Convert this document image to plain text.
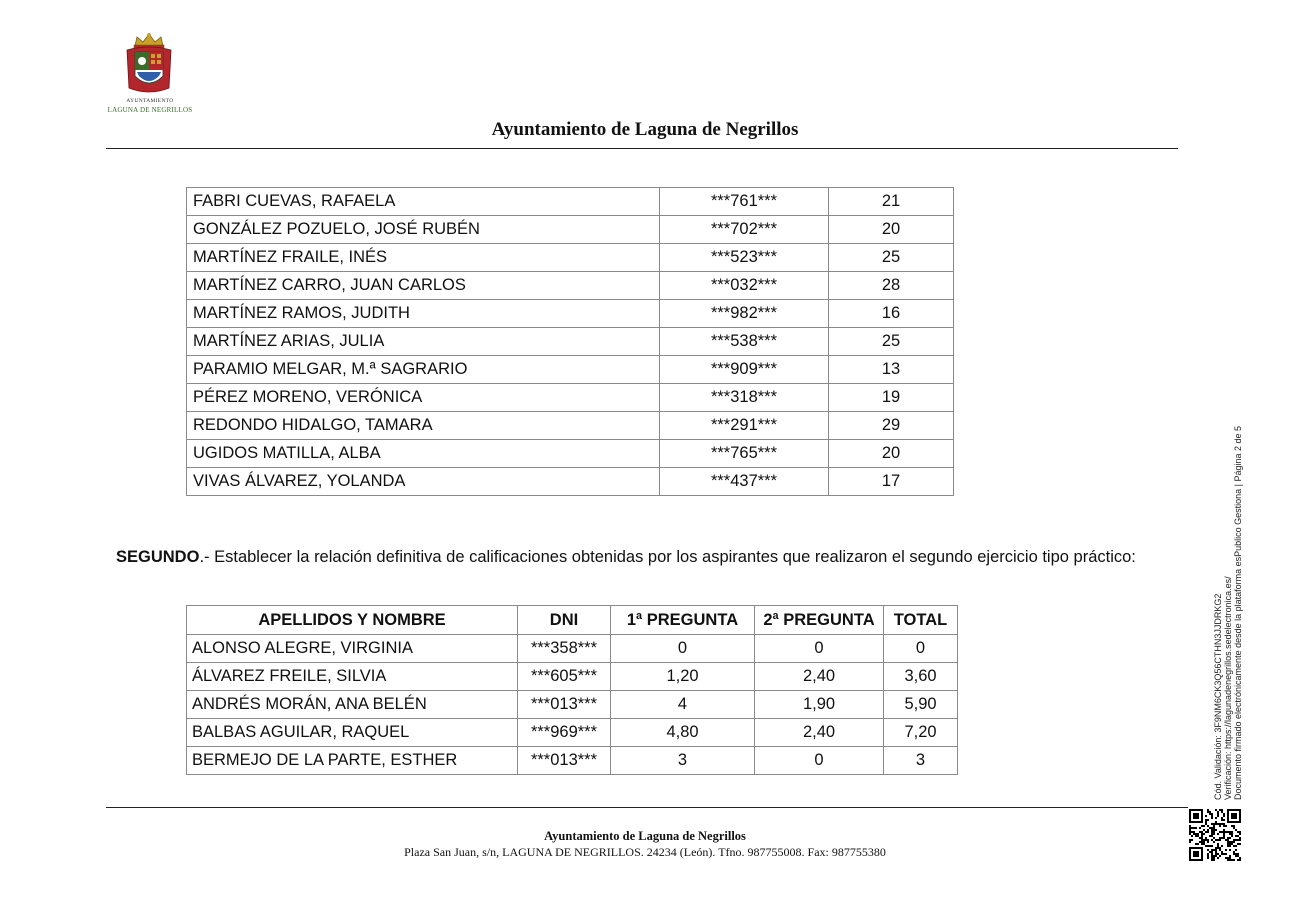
AYUNTAMIENTO
LAGUNA DE NEGRILLOS
Ayuntamiento de Laguna de Negrillos
FABRI CUEVAS, RAFAELA	***761***	21
GONZÁLEZ POZUELO, JOSÉ RUBÉN	***702***	20
MARTÍNEZ FRAILE, INÉS	***523***	25
MARTÍNEZ CARRO, JUAN CARLOS	***032***	28
MARTÍNEZ RAMOS, JUDITH	***982***	16
MARTÍNEZ ARIAS, JULIA	***538***	25
PARAMIO MELGAR, M.ª SAGRARIO	***909***	13
PÉREZ MORENO, VERÓNICA	***318***	19
REDONDO HIDALGO, TAMARA	***291***	29
UGIDOS MATILLA, ALBA	***765***	20
VIVAS ÁLVAREZ, YOLANDA	***437***	17
SEGUNDO.- Establecer la relación definitiva de calificaciones obtenidas por los aspirantes que realizaron el segundo ejercicio tipo práctico:
APELLIDOS Y NOMBRE	DNI	1ª PREGUNTA	2ª PREGUNTA	TOTAL
ALONSO ALEGRE, VIRGINIA	***358***	0	0	0
ÁLVAREZ FREILE, SILVIA	***605***	1,20	2,40	3,60
ANDRÉS MORÁN, ANA BELÉN	***013***	4	1,90	5,90
BALBAS AGUILAR, RAQUEL	***969***	4,80	2,40	7,20
BERMEJO DE LA PARTE, ESTHER	***013***	3	0	3
Ayuntamiento de Laguna de Negrillos
Plaza San Juan, s/n, LAGUNA DE NEGRILLOS. 24234 (León). Tfno. 987755008. Fax: 987755380
Cód. Validación: 3F9NM6CK3Q56CTHN3JJDRKG2 Verificación: https://lagunadenegrillos.sedelectronica.es/ Documento firmado electrónicamente desde la plataforma esPublico Gestiona | Página 2 de 5
